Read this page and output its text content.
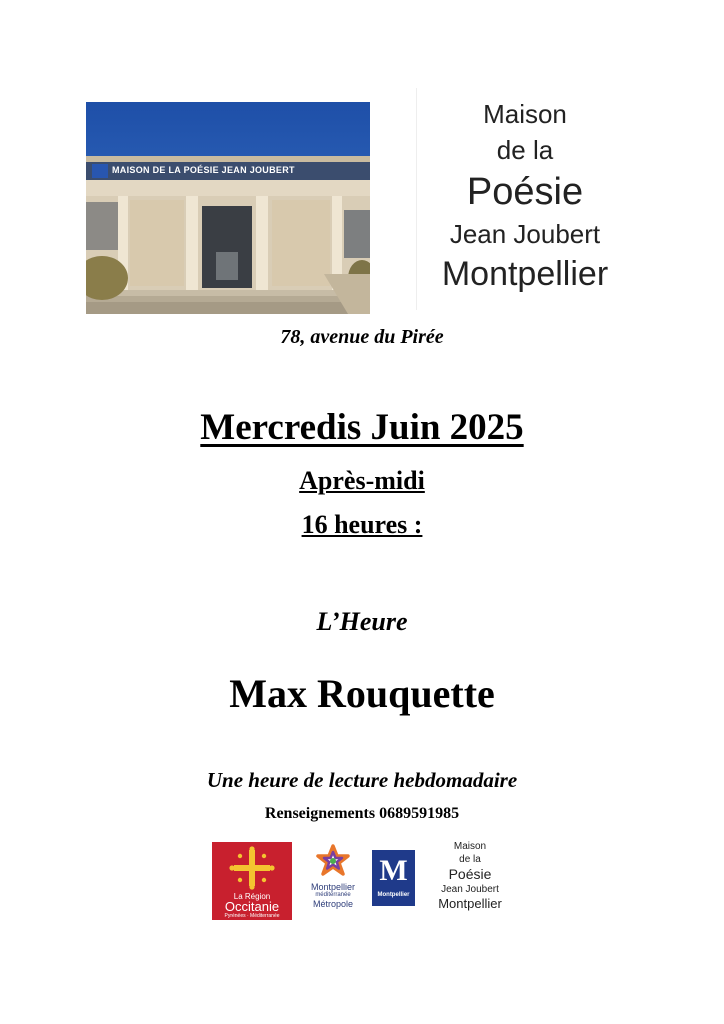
MAISON DE LA POÉSIE JEAN JOUBERT
Maison
de la
Poésie
Jean Joubert
Montpellier
78, avenue du Pirée
Mercredis Juin 2025
Après-midi
16 heures :
L’Heure
Max Rouquette
Une heure de lecture hebdomadaire
Renseignements 0689591985
La Région
Occitanie
Pyrénées · Méditerranée
Montpellier
méditerranée
Métropole
M
Montpellier
Maison
de la
Poésie
Jean Joubert
Montpellier
